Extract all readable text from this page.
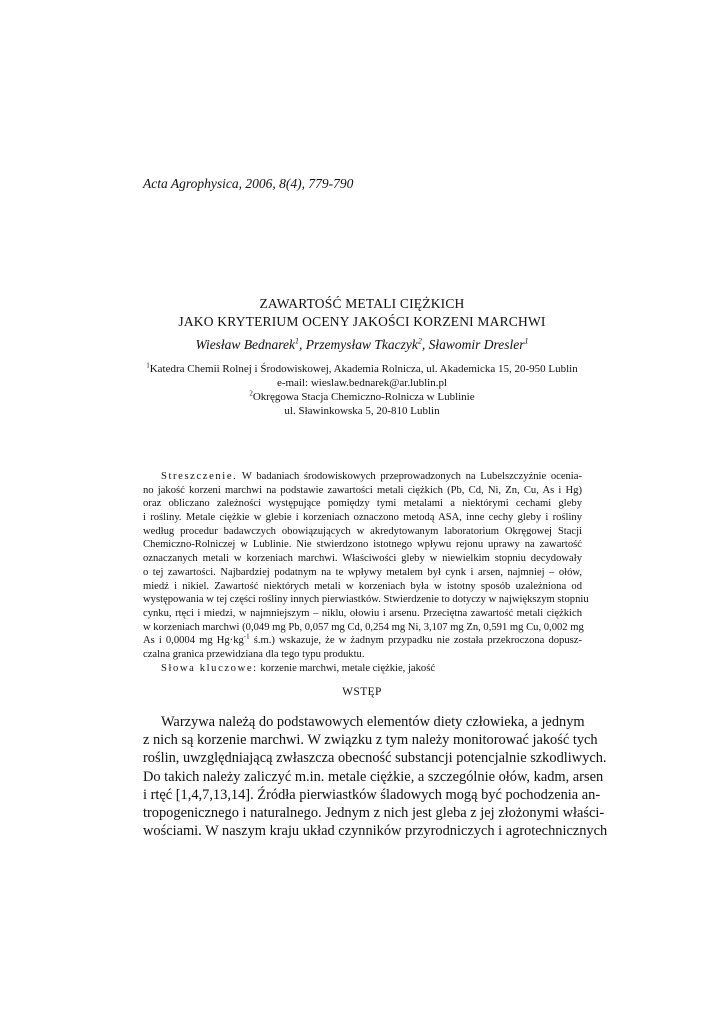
Acta Agrophysica, 2006, 8(4), 779-790
ZAWARTOŚĆ METALI CIĘŻKICH
JAKO KRYTERIUM OCENY JAKOŚCI KORZENI MARCHWI
Wiesław Bednarek$^1$, Przemysław Tkaczyk$^2$, Sławomir Dresler$^1$
$^1$Katedra Chemii Rolnej i Środowiskowej, Akademia Rolnicza, ul. Akademicka 15, 20-950 Lublin
e-mail: wieslaw.bednarek@ar.lublin.pl
$^2$Okręgowa Stacja Chemiczno-Rolnicza w Lublinie
ul. Sławinkowska 5, 20-810 Lublin
Streszczenie. W badaniach środowiskowych przeprowadzonych na Lubelszczyźnie oceniа-
no jakość korzeni marchwi na podstawie zawartości metali ciężkich (Pb, Cd, Ni, Zn, Cu, As i Hg)
oraz obliczano zależności występujące pomiędzy tymi metalami a niektórymi cechami gleby
i rośliny. Metale ciężkie w glebie i korzeniach oznaczono metodą ASA, inne cechy gleby i rośliny
według procedur badawczych obowiązujących w akredytowanym laboratorium Okręgowej Stacji
Chemiczno-Rolniczej w Lublinie. Nie stwierdzono istotnego wpływu rejonu uprawy na zawartość
oznaczanych metali w korzeniach marchwi. Właściwości gleby w niewielkim stopniu decydowały
o tej zawartości. Najbardziej podatnym na te wpływy metalem był cynk i arsen, najmniej – ołów,
miedź i nikiel. Zawartość niektórych metali w korzeniach była w istotny sposób uzależniona od
występowania w tej części rośliny innych pierwiastków. Stwierdzenie to dotyczy w największym stopniu
cynku, rtęci i miedzi, w najmniejszym – niklu, ołowiu i arsenu. Przeciętna zawartość metali ciężkich
w korzeniach marchwi (0,049 mg Pb, 0,057 mg Cd, 0,254 mg Ni, 3,107 mg Zn, 0,591 mg Cu, 0,002 mg
As i 0,0004 mg $Hg\cdot kg^{-1}$ ś.m.) wskazuje, że w żadnym przypadku nie została przekroczona dopusz-
czalna granica przewidziana dla tego typu produktu.
Słowa kluczowe: korzenie marchwi, metale ciężkie, jakość
WSTĘP
Warzywa należą do podstawowych elementów diety człowieka, a jednym
z nich są korzenie marchwi. W związku z tym należy monitorować jakość tych
roślin, uwzględniającą zwłaszcza obecność substancji potencjalnie szkodliwych.
Do takich należy zaliczyć m.in. metale ciężkie, a szczególnie ołów, kadm, arsen
i rtęć [1,4,7,13,14]. Źródła pierwiastków śladowych mogą być pochodzenia an-
tropogenicznego i naturalnego. Jednym z nich jest gleba z jej złożonymi właści-
wościami. W naszym kraju układ czynników przyrodniczych i agrotechnicznych
